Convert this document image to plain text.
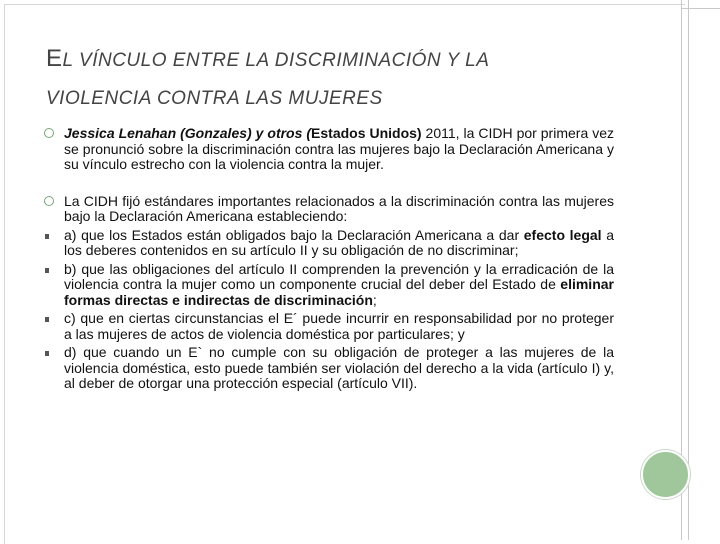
EL VÍNCULO ENTRE LA DISCRIMINACIÓN Y LA
VIOLENCIA CONTRA LAS MUJERES
Jessica Lenahan (Gonzales) y otros (Estados Unidos) 2011, la CIDH por primera vez se pronunció sobre la discriminación contra las mujeres bajo la Declaración Americana y su vínculo estrecho con la violencia contra la mujer.
La CIDH fijó estándares importantes relacionados a la discriminación contra las mujeres bajo la Declaración Americana estableciendo:
a) que los Estados están obligados bajo la Declaración Americana a dar efecto legal a los deberes contenidos en su artículo II y su obligación de no discriminar;
b) que las obligaciones del artículo II comprenden la prevención y la erradicación de la violencia contra la mujer como un componente crucial del deber del Estado de eliminar formas directas e indirectas de discriminación;
c) que en ciertas circunstancias el E´ puede incurrir en responsabilidad por no proteger a las mujeres de actos de violencia doméstica por particulares; y
d) que cuando un E` no cumple con su obligación de proteger a las mujeres de la violencia doméstica, esto puede también ser violación del derecho a la vida (artículo I) y, al deber de otorgar una protección especial (artículo VII).
